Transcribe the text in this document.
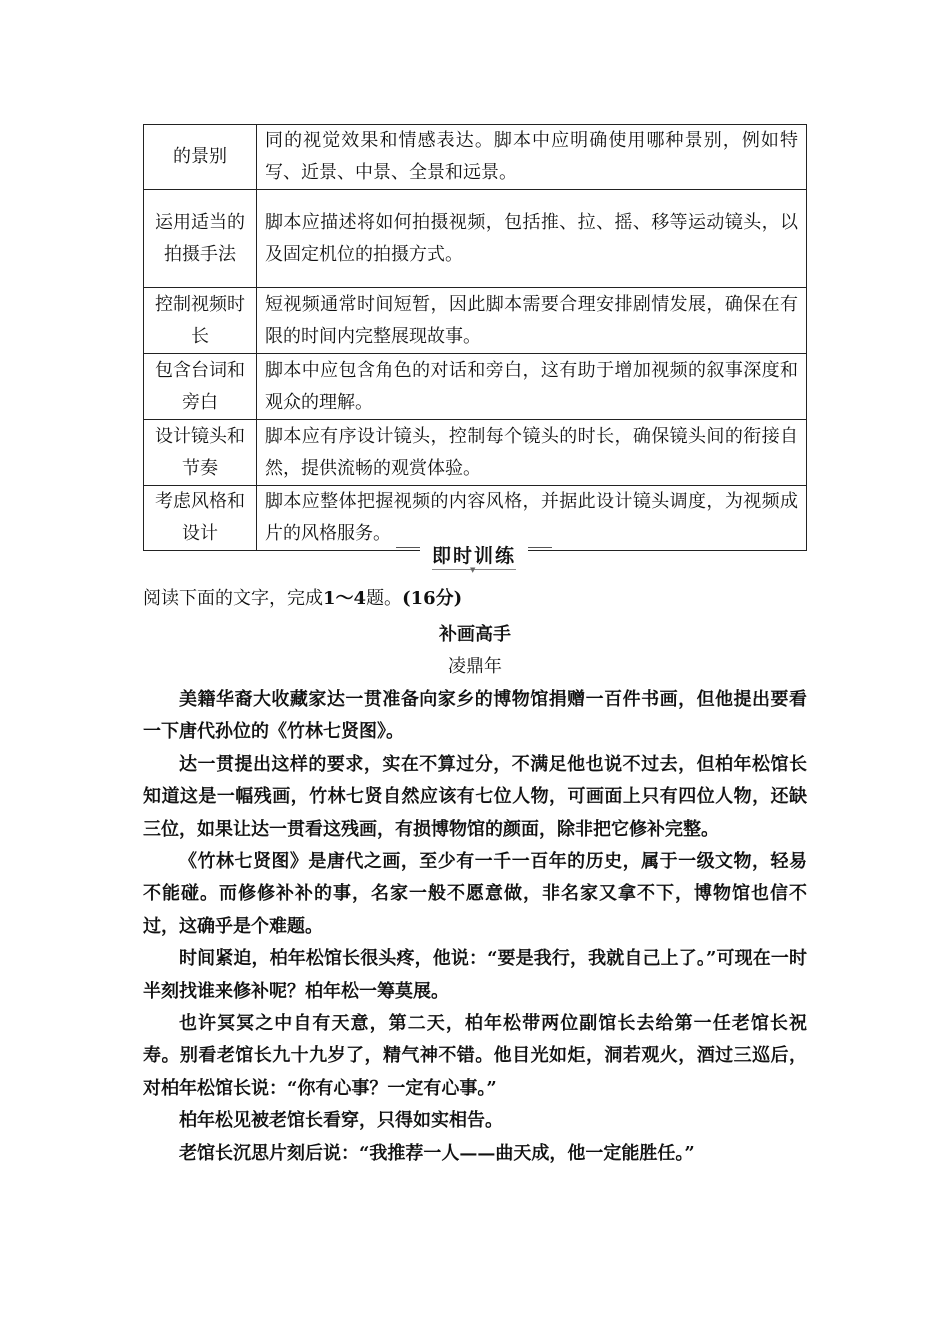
的景别	同的视觉效果和情感表达。脚本中应明确使用哪种景别，例如特写、近景、中景、全景和远景。
运用适当的拍摄手法	脚本应描述将如何拍摄视频，包括推、拉、摇、移等运动镜头，以及固定机位的拍摄方式。
控制视频时长	短视频通常时间短暂，因此脚本需要合理安排剧情发展，确保在有限的时间内完整展现故事。
包含台词和旁白	脚本中应包含角色的对话和旁白，这有助于增加视频的叙事深度和观众的理解。
设计镜头和节奏	脚本应有序设计镜头，控制每个镜头的时长，确保镜头间的衔接自然，提供流畅的观赏体验。
考虑风格和设计	脚本应整体把握视频的内容风格，并据此设计镜头调度，为视频成片的风格服务。
即时训练
▼
阅读下面的文字，完成1～4题。(16分)
补画高手
凌鼎年

美籍华裔大收藏家达一贯准备向家乡的博物馆捐赠一百件书画，但他提出要看一下唐代孙位的《竹林七贤图》。

达一贯提出这样的要求，实在不算过分，不满足他也说不过去，但柏年松馆长知道这是一幅残画，竹林七贤自然应该有七位人物，可画面上只有四位人物，还缺三位，如果让达一贯看这残画，有损博物馆的颜面，除非把它修补完整。

《竹林七贤图》是唐代之画，至少有一千一百年的历史，属于一级文物，轻易不能碰。而修修补补的事，名家一般不愿意做，非名家又拿不下，博物馆也信不过，这确乎是个难题。

时间紧迫，柏年松馆长很头疼，他说：“要是我行，我就自己上了。”可现在一时半刻找谁来修补呢？柏年松一筹莫展。

也许冥冥之中自有天意，第二天，柏年松带两位副馆长去给第一任老馆长祝寿。别看老馆长九十九岁了，精气神不错。他目光如炬，洞若观火，酒过三巡后，对柏年松馆长说：“你有心事？一定有心事。”

柏年松见被老馆长看穿，只得如实相告。

老馆长沉思片刻后说：“我推荐一人——曲天成，他一定能胜任。”
